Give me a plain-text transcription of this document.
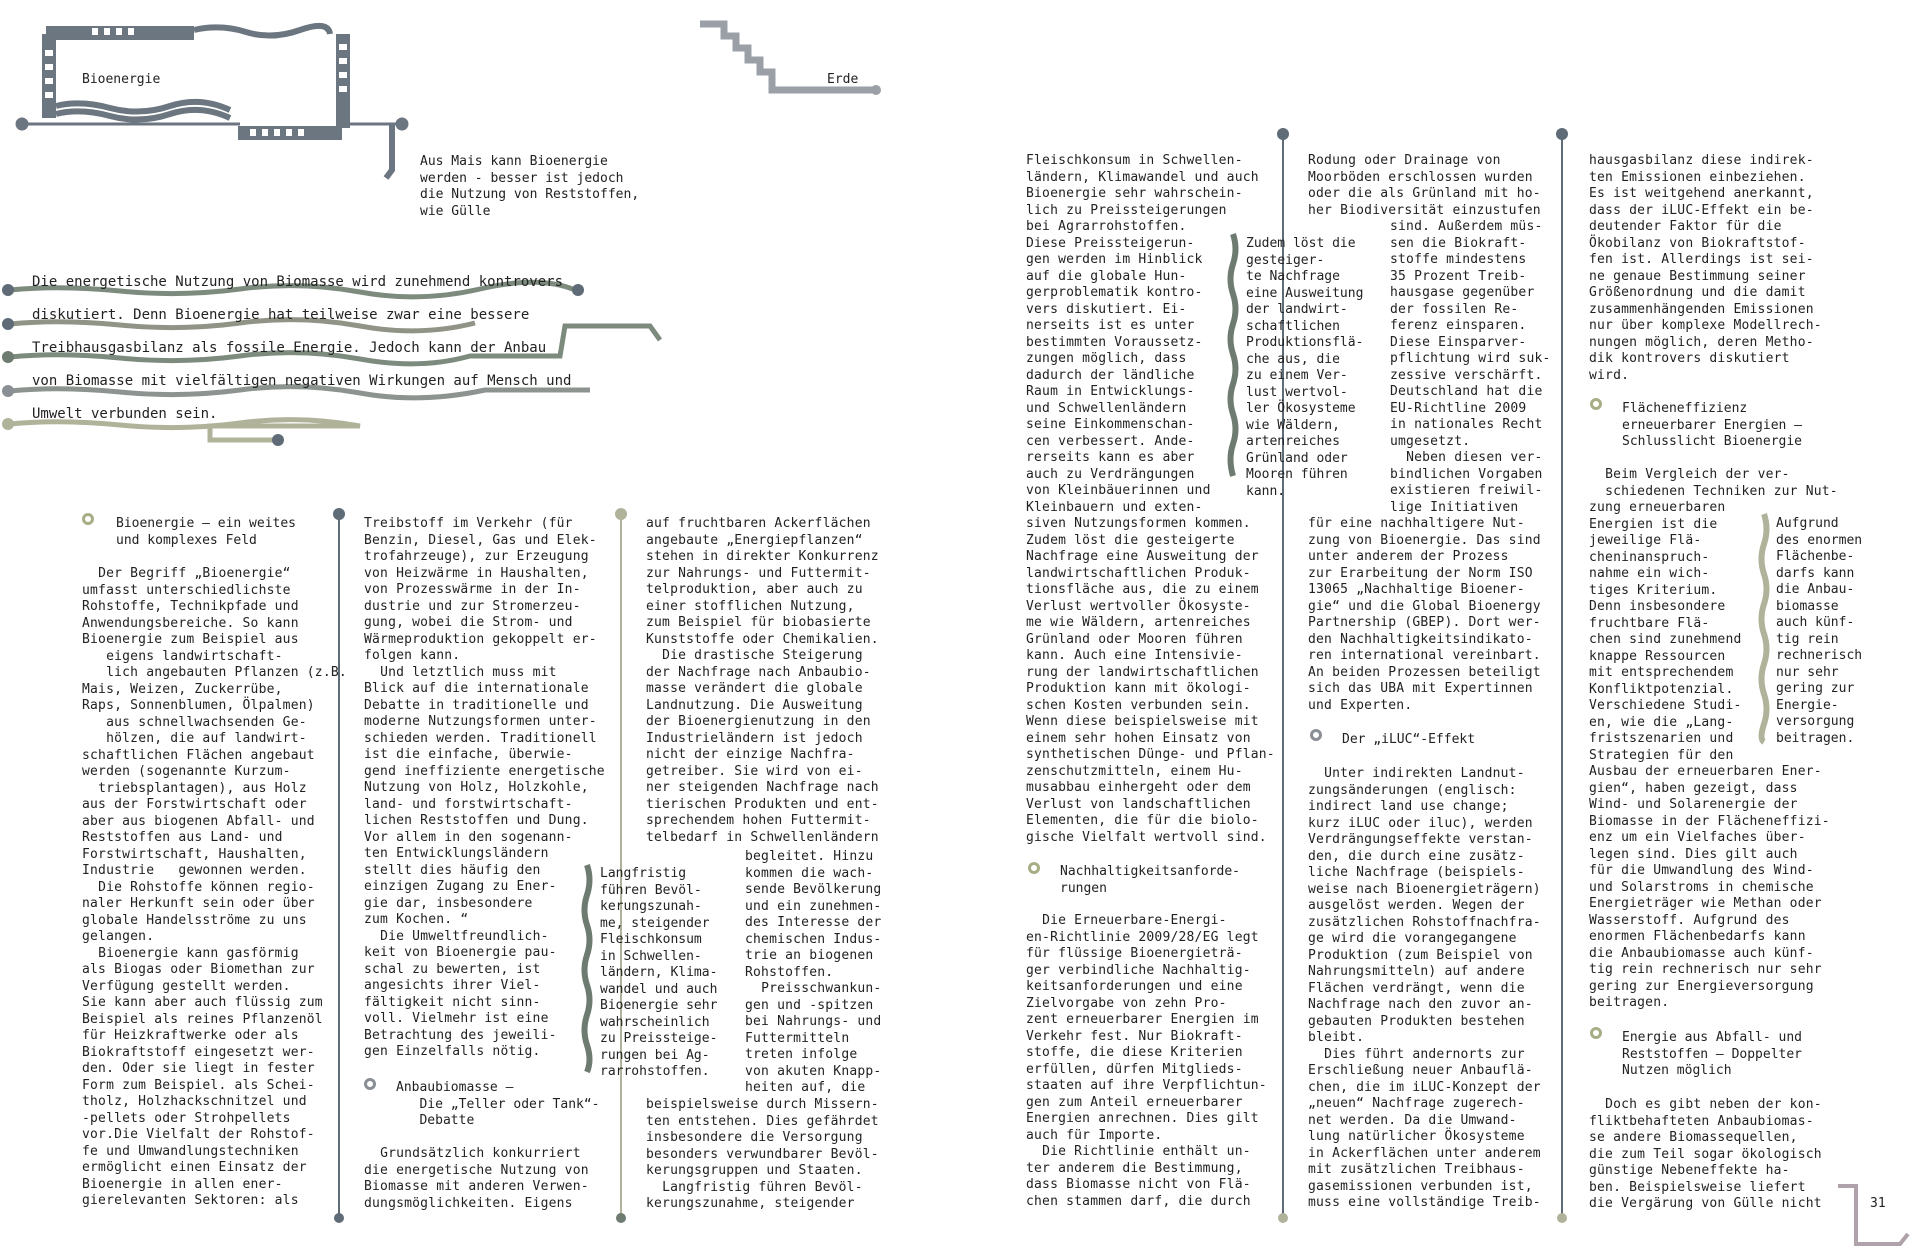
Bioenergie	Erde
Aus Mais kann Bioenergie
werden - besser ist jedoch
die Nutzung von Reststoffen,
wie Gülle
Die energetische Nutzung von Biomasse wird zunehmend kontrovers
diskutiert. Denn Bioenergie hat teilweise zwar eine bessere
Treibhausgasbilanz als fossile Energie. Jedoch kann der Anbau
von Biomasse mit vielfältigen negativen Wirkungen auf Mensch und
Umwelt verbunden sein.
Bioenergie – ein weites
und komplexes Feld
Der Begriff „Bioenergie“
umfasst unterschiedlichste
Rohstoffe, Technikpfade und
Anwendungsbereiche. So kann
Bioenergie zum Beispiel aus
eigens landwirtschaft-
lich angebauten Pflanzen (z.B.
Mais, Weizen, Zuckerrübe,
Raps, Sonnenblumen, Ölpalmen)
aus schnellwachsenden Ge-
hölzen, die auf landwirt-
schaftlichen Flächen angebaut
werden (sogenannte Kurzum-
triebsplantagen), aus Holz
aus der Forstwirtschaft oder
aber aus biogenen Abfall- und
Reststoffen aus Land- und
Forstwirtschaft, Haushalten,
Industrie   gewonnen werden.
Die Rohstoffe können regio-
naler Herkunft sein oder über
globale Handelsströme zu uns
gelangen.
Bioenergie kann gasförmig
als Biogas oder Biomethan zur
Verfügung gestellt werden.
Sie kann aber auch flüssig zum
Beispiel als reines Pflanzenöl
für Heizkraftwerke oder als
Biokraftstoff eingesetzt wer-
den. Oder sie liegt in fester
Form zum Beispiel. als Schei-
tholz, Holzhackschnitzel und
-pellets oder Strohpellets
vor.Die Vielfalt der Rohstof-
fe und Umwandlungstechniken
ermöglicht einen Einsatz der
Bioenergie in allen ener-
gierelevanten Sektoren: als
Treibstoff im Verkehr (für
Benzin, Diesel, Gas und Elek-
trofahrzeuge), zur Erzeugung
von Heizwärme in Haushalten,
von Prozesswärme in der In-
dustrie und zur Stromerzeu-
gung, wobei die Strom- und
Wärmeproduktion gekoppelt er-
folgen kann.
Und letztlich muss mit
Blick auf die internationale
Debatte in traditionelle und
moderne Nutzungsformen unter-
schieden werden. Traditionell
ist die einfache, überwie-
gend ineffiziente energetische
Nutzung von Holz, Holzkohle,
land- und forstwirtschaft-
lichen Reststoffen und Dung.
Vor allem in den sogenann-
ten Entwicklungsländern
stellt dies häufig den
einzigen Zugang zu Ener-
gie dar, insbesondere
zum Kochen. “
Die Umweltfreundlich-
keit von Bioenergie pau-
schal zu bewerten, ist
angesichts ihrer Viel-
fältigkeit nicht sinn-
voll. Vielmehr ist eine
Betrachtung des jeweili-
gen Einzelfalls nötig.
Anbaubiomasse –
Die „Teller oder Tank“-
Debatte
Grundsätzlich konkurriert
die energetische Nutzung von
Biomasse mit anderen Verwen-
dungsmöglichkeiten. Eigens
auf fruchtbaren Ackerflächen
angebaute „Energiepflanzen“
stehen in direkter Konkurrenz
zur Nahrungs- und Futtermit-
telproduktion, aber auch zu
einer stofflichen Nutzung,
zum Beispiel für biobasierte
Kunststoffe oder Chemikalien.
Die drastische Steigerung
der Nachfrage nach Anbaubio-
masse verändert die globale
Landnutzung. Die Ausweitung
der Bioenergienutzung in den
Industrieländern ist jedoch
nicht der einzige Nachfra-
getreiber. Sie wird von ei-
ner steigenden Nachfrage nach
tierischen Produkten und ent-
sprechendem hohen Futtermit-
telbedarf in Schwellenländern
Langfristig
führen Bevöl-
kerungszunah-
me, steigender
Fleischkonsum
in Schwellen-
ländern, Klima-
wandel und auch
Bioenergie sehr
wahrscheinlich
zu Preissteige-
rungen bei Ag-
rarrohstoffen.
begleitet. Hinzu
kommen die wach-
sende Bevölkerung
und ein zunehmen-
des Interesse der
chemischen Indus-
trie an biogenen
Rohstoffen.
Preisschwankun-
gen und -spitzen
bei Nahrungs- und
Futtermitteln
treten infolge
von akuten Knapp-
heiten auf, die
beispielsweise durch Missern-
ten entstehen. Dies gefährdet
insbesondere die Versorgung
besonders verwundbarer Bevöl-
kerungsgruppen und Staaten.
Langfristig führen Bevöl-
kerungszunahme, steigender
Fleischkonsum in Schwellen-
ländern, Klimawandel und auch
Bioenergie sehr wahrschein-
lich zu Preissteigerungen
bei Agrarrohstoffen.
Diese Preissteigerun-
gen werden im Hinblick
auf die globale Hun-
gerproblematik kontro-
vers diskutiert. Ei-
nerseits ist es unter
bestimmten Voraussetz-
zungen möglich, dass
dadurch der ländliche
Raum in Entwicklungs-
und Schwellenländern
seine Einkommenschan-
cen verbessert. Ande-
rerseits kann es aber
auch zu Verdrängungen
von Kleinbäuerinnen und
Kleinbauern und exten-
siven Nutzungsformen kommen.
Zudem löst die gesteigerte
Nachfrage eine Ausweitung der
landwirtschaftlichen Produk-
tionsfläche aus, die zu einem
Verlust wertvoller Ökosyste-
me wie Wäldern, artenreiches
Grünland oder Mooren führen
kann. Auch eine Intensivie-
rung der landwirtschaftlichen
Produktion kann mit ökologi-
schen Kosten verbunden sein.
Wenn diese beispielsweise mit
einem sehr hohen Einsatz von
synthetischen Dünge- und Pflan-
zenschutzmitteln, einem Hu-
musabbau einhergeht oder dem
Verlust von landschaftlichen
Elementen, die für die biolo-
gische Vielfalt wertvoll sind.
Zudem löst die
gesteiger-
te Nachfrage
eine Ausweitung
der landwirt-
schaftlichen
Produktionsflä-
che aus, die
zu einem Ver-
lust wertvol-
ler Ökosysteme
wie Wäldern,
artenreiches
Grünland oder
Mooren führen
kann.
Nachhaltigkeitsanforde-
rungen
Die Erneuerbare-Energi-
en-Richtlinie 2009/28/EG legt
für flüssige Bioenergieträ-
ger verbindliche Nachhaltig-
keitsanforderungen und eine
Zielvorgabe von zehn Pro-
zent erneuerbarer Energien im
Verkehr fest. Nur Biokraft-
stoffe, die diese Kriterien
erfüllen, dürfen Mitglieds-
staaten auf ihre Verpflichtun-
gen zum Anteil erneuerbarer
Energien anrechnen. Dies gilt
auch für Importe.
Die Richtlinie enthält un-
ter anderem die Bestimmung,
dass Biomasse nicht von Flä-
chen stammen darf, die durch
Rodung oder Drainage von
Moorböden erschlossen wurden
oder die als Grünland mit ho-
her Biodiversität einzustufen
sind. Außerdem müs-
sen die Biokraft-
stoffe mindestens
35 Prozent Treib-
hausgase gegenüber
der fossilen Re-
ferenz einsparen.
Diese Einsparver-
pflichtung wird suk-
zessive verschärft.
Deutschland hat die
EU-Richtline 2009
in nationales Recht
umgesetzt.
Neben diesen ver-
bindlichen Vorgaben
existieren freiwil-
lige Initiativen
für eine nachhaltigere Nut-
zung von Bioenergie. Das sind
unter anderem der Prozess
zur Erarbeitung der Norm ISO
13065 „Nachhaltige Bioener-
gie“ und die Global Bioenergy
Partnership (GBEP). Dort wer-
den Nachhaltigkeitsindikato-
ren international vereinbart.
An beiden Prozessen beteiligt
sich das UBA mit Expertinnen
und Experten.
Der „iLUC“-Effekt
Unter indirekten Landnut-
zungsänderungen (englisch:
indirect land use change;
kurz iLUC oder iluc), werden
Verdrängungseffekte verstan-
den, die durch eine zusätz-
liche Nachfrage (beispiels-
weise nach Bioenergieträgern)
ausgelöst werden. Wegen der
zusätzlichen Rohstoffnachfra-
ge wird die vorangegangene
Produktion (zum Beispiel von
Nahrungsmitteln) auf andere
Flächen verdrängt, wenn die
Nachfrage nach den zuvor an-
gebauten Produkten bestehen
bleibt.
Dies führt andernorts zur
Erschließung neuer Anbauflä-
chen, die im iLUC-Konzept der
„neuen“ Nachfrage zugerech-
net werden. Da die Umwand-
lung natürlicher Ökosysteme
in Ackerflächen unter anderem
mit zusätzlichen Treibhaus-
gasemissionen verbunden ist,
muss eine vollständige Treib-
hausgasbilanz diese indirek-
ten Emissionen einbeziehen.
Es ist weitgehend anerkannt,
dass der iLUC-Effekt ein be-
deutender Faktor für die
Ökobilanz von Biokraftstof-
fen ist. Allerdings ist sei-
ne genaue Bestimmung seiner
Größenordnung und die damit
zusammenhängenden Emissionen
nur über komplexe Modellrech-
nungen möglich, deren Metho-
dik kontrovers diskutiert
wird.
Flächeneffizienz
erneuerbarer Energien –
Schlusslicht Bioenergie
Beim Vergleich der ver-
schiedenen Techniken zur Nut-
zung erneuerbaren
Energien ist die
jeweilige Flä-
cheninanspruch-
nahme ein wich-
tiges Kriterium.
Denn insbesondere
fruchtbare Flä-
chen sind zunehmend
knappe Ressourcen
mit entsprechendem
Konfliktpotenzial.
Verschiedene Studi-
en, wie die „Lang-
fristszenarien und
Strategien für den
Ausbau der erneuerbaren Ener-
gien“, haben gezeigt, dass
Wind- und Solarenergie der
Biomasse in der Flächeneffizi-
enz um ein Vielfaches über-
legen sind. Dies gilt auch
für die Umwandlung des Wind-
und Solarstroms in chemische
Energieträger wie Methan oder
Wasserstoff. Aufgrund des
enormen Flächenbedarfs kann
die Anbaubiomasse auch künf-
tig rein rechnerisch nur sehr
gering zur Energieversorgung
beitragen.
Aufgrund
des enormen
Flächenbe-
darfs kann
die Anbau-
biomasse
auch künf-
tig rein
rechnerisch
nur sehr
gering zur
Energie-
versorgung
beitragen.
Energie aus Abfall- und
Reststoffen – Doppelter
Nutzen möglich
Doch es gibt neben der kon-
fliktbehafteten Anbaubiomas-
se andere Biomassequellen,
die zum Teil sogar ökologisch
günstige Nebeneffekte ha-
ben. Beispielsweise liefert
die Vergärung von Gülle nicht	31
